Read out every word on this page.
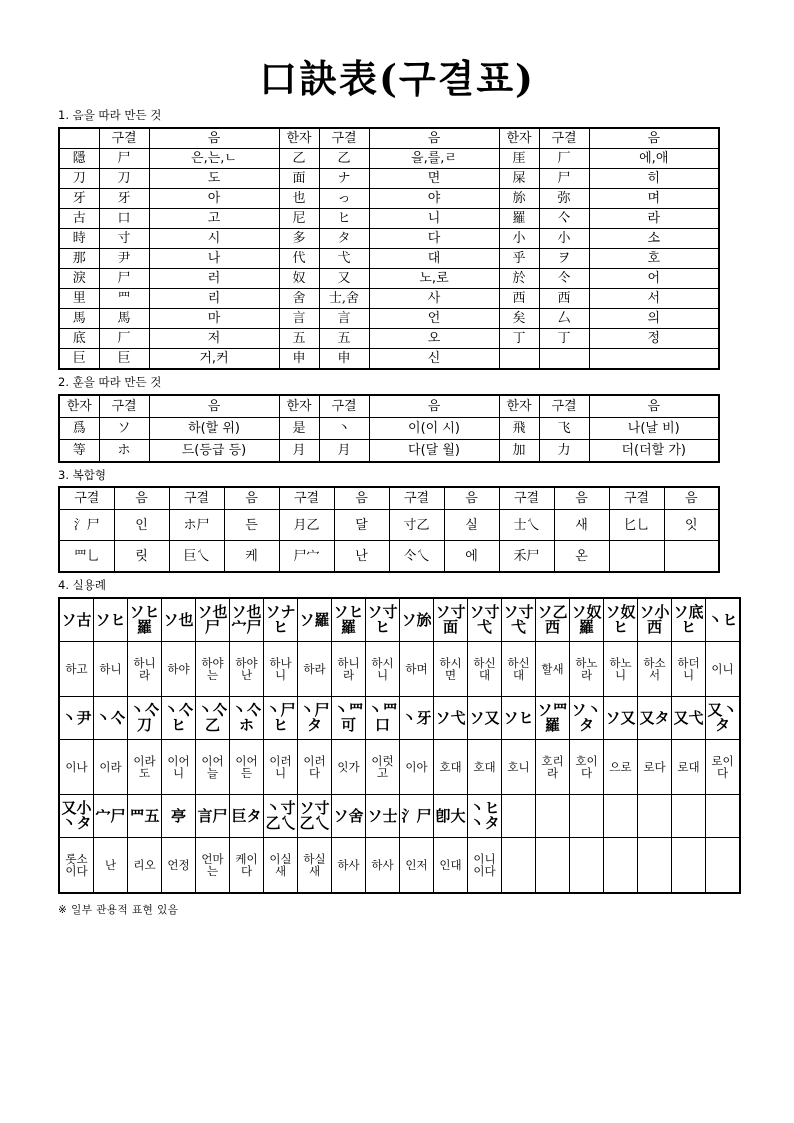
口訣表(구결표)
1. 음을 따라 만든 것
	구결	음	한자	구결	음	한자	구결	음
隱	尸	은,는,ㄴ	乙	乙	을,를,ㄹ	厓	厂	에,애
刀	刀	도	面	ナ	면	屎	尸	히
牙	牙	아	也	っ	야	旀	弥	며
古	口	고	尼	ヒ	니	羅	亽	라
時	寸	시	多	タ	다	小	小	소
那	尹	나	代	弋	대	乎	ヲ	호
淚	尸	러	奴	又	노,로	於	仒	어
里	罒	리	舍	士,舍	사	西	西	서
馬	馬	마	言	言	언	矣	厶	의
底	厂	저	五	五	오	丁	丁	정
巨	巨	거,커	申	申	신			
2. 훈을 따라 만든 것
한자	구결	음	한자	구결	음	한자	구결	음
爲	ソ	하(할 위)	是	丶	이(이 시)	飛	飞	나(날 비)
等	ホ	드(등급 등)	月	月	다(달 월)	加	力	더(더할 가)
3. 복합형
구결	음	구결	음	구결	음	구결	음	구결	음	구결	음
氵尸	인	ホ尸	든	月乙	달	寸乙	실	士乀	새	匕乚	잇
罒乚	릿	巨乀	케	尸宀	난	仒乀	에	禾尸	온		
4. 실용례
ソ古	ソヒ	ソヒ羅	ソ也	ソ也尸	ソ也宀尸	ソナヒ	ソ羅	ソヒ羅	ソ寸ヒ	ソ旀	ソ寸面	ソ寸弋	ソ寸弋	ソ乙西	ソ奴羅	ソ奴ヒ	ソ小西	ソ底ヒ	丶ヒ

하고	하니	하니라	하야	하야는	하야난	하나니	하라	하니라	하시니	하며	하시면	하신대	하신대	할새	하노라	하노니	하소서	하더니	이니

丶尹	丶亽	丶亽刀	丶亽ヒ	丶亽乙	丶亽ホ	丶尸ヒ	丶尸タ	丶罒可	丶罒口	丶牙	ソ弋	ソ又	ソヒ	ソ罒羅	ソ丶タ	ソ又	又タ	又弋	又丶タ

이나	이라	이라도	이어니	이어늘	이어든	이러니	이러다	잇가	이럿고	이아	호대	호대	호니	호리라	호이다	으로	로다	로대	로이다

又小丶タ	宀尸	罒五	亭	言尸	巨タ	丶寸乙乀	ソ寸乙乀	ソ舍	ソ士	氵尸	卽大	丶ヒ丶タ							

롯소이다	난	리오	언정	언마는	케이다	이실새	하실새	하사	하사	인저	인대	이니이다							

※ 일부 관용적 표현 있음
